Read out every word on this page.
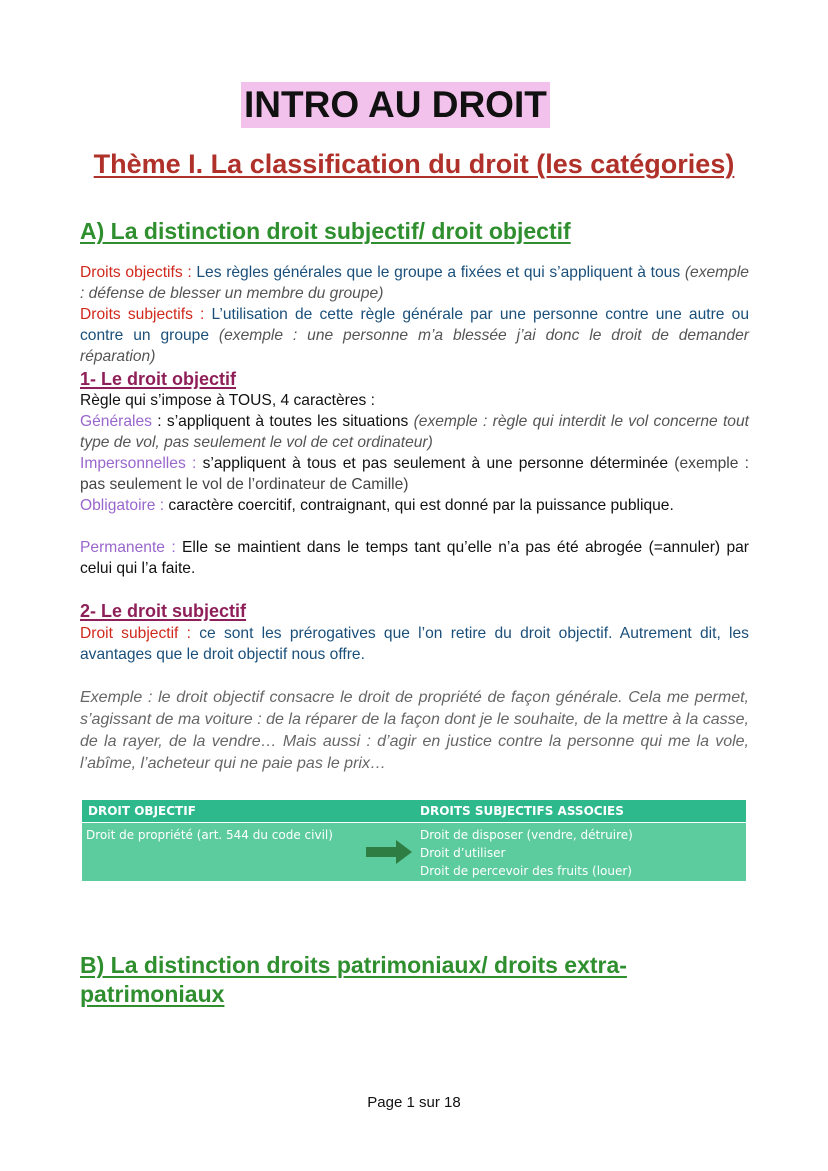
INTRO AU DROIT
Thème I. La classification du droit (les catégories)
A) La distinction droit subjectif/ droit objectif

Droits objectifs : Les règles générales que le groupe a fixées et qui s’appliquent à tous (exemple : défense de blesser un membre du groupe)

Droits subjectifs : L’utilisation de cette règle générale par une personne contre une autre ou contre un groupe (exemple : une personne m’a blessée j’ai donc le droit de demander réparation)

1- Le droit objectif

Règle qui s’impose à TOUS, 4 caractères :

Générales : s’appliquent à toutes les situations (exemple : règle qui interdit le vol concerne tout type de vol, pas seulement le vol de cet ordinateur)

Impersonnelles : s’appliquent à tous et pas seulement à une personne déterminée (exemple : pas seulement le vol de l’ordinateur de Camille)

Obligatoire : caractère coercitif, contraignant, qui est donné par la puissance publique.

Permanente : Elle se maintient dans le temps tant qu’elle n’a pas été abrogée (=annuler) par celui qui l’a faite.

2- Le droit subjectif

Droit subjectif : ce sont les prérogatives que l’on retire du droit objectif. Autrement dit, les avantages que le droit objectif nous offre.

Exemple : le droit objectif consacre le droit de propriété de façon générale. Cela me permet, s’agissant de ma voiture : de la réparer de la façon dont je le souhaite, de la mettre à la casse, de la rayer, de la vendre… Mais aussi : d’agir en justice contre la personne qui me la vole, l’abîme, l’acheteur qui ne paie pas le prix…

DROIT OBJECTIF	DROITS SUBJECTIFS ASSOCIES
Droit de propriété (art. 544 du code civil)	Droit de disposer (vendre, détruire)
Droit d’utiliser
Droit de percevoir des fruits (louer)
B) La distinction droits patrimoniaux/ droits extra-patrimoniaux
Page 1 sur 18
